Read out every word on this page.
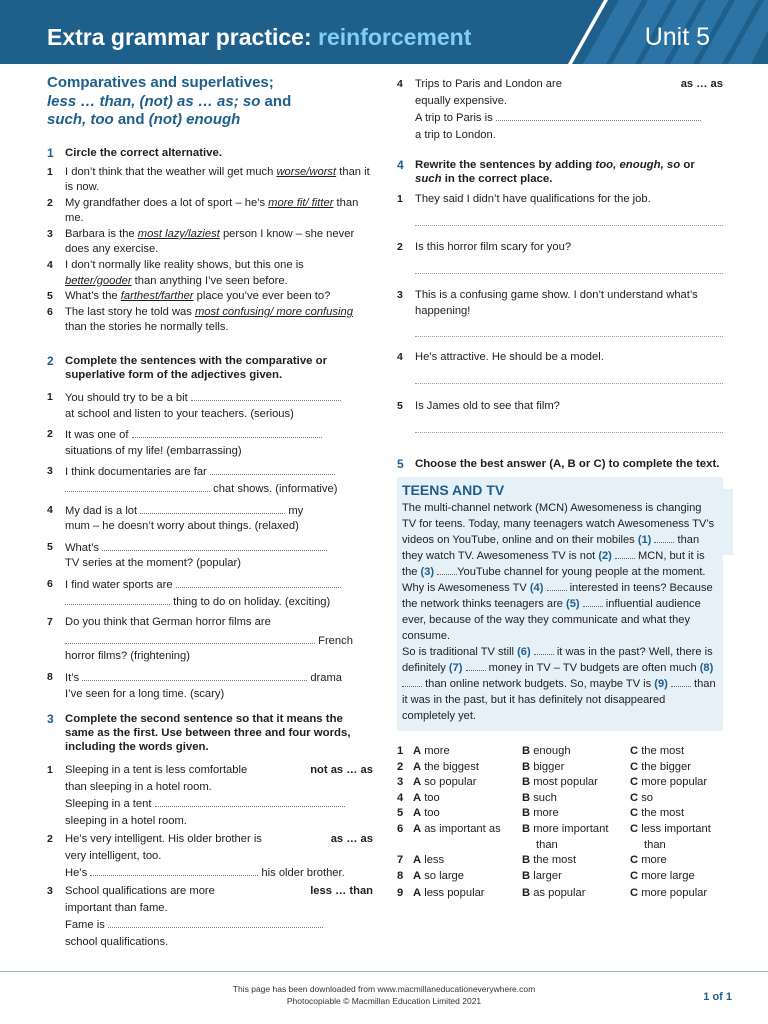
Extra grammar practice: reinforcement	Unit 5
Comparatives and superlatives;
less … than, (not) as … as; so and
such, too and (not) enough
1 Circle the correct alternative.
1 I don’t think that the weather will get much worse/worst than it is now.
2 My grandfather does a lot of sport – he’s more fit/ fitter than me.
3 Barbara is the most lazy/laziest person I know – she never does any exercise.
4 I don’t normally like reality shows, but this one is better/gooder than anything I’ve seen before.
5 What’s the farthest/farther place you’ve ever been to?
6 The last story he told was most confusing/ more confusing than the stories he normally tells.
2 Complete the sentences with the comparative or superlative form of the adjectives given.
1 You should try to be a bit
at school and listen to your teachers. (serious)
2 It was one of
situations of my life! (embarrassing)
3 I think documentaries are far
chat shows. (informative)
4 My dad is a lot	my
mum – he doesn’t worry about things. (relaxed)
5 What’s
TV series at the moment? (popular)
6 I find water sports are
thing to do on holiday. (exciting)
7 Do you think that German horror films are
French
horror films? (frightening)
8 It’s	drama
I’ve seen for a long time. (scary)
3 Complete the second sentence so that it means the same as the first. Use between three and four words, including the words given.
1	not as … as
Sleeping in a tent is less comfortable
than sleeping in a hotel room.
Sleeping in a tent
sleeping in a hotel room.
2	as … as
He’s very intelligent. His older brother is
very intelligent, too.
He’s	his older brother.
3	less … than
School qualifications are more
important than fame.
Fame is
school qualifications.
4	as … as
Trips to Paris and London are
equally expensive.
A trip to Paris is
a trip to London.
4 Rewrite the sentences by adding too, enough, so or such in the correct place.
1 They said I didn’t have qualifications for the job.
2 Is this horror film scary for you?
3 This is a confusing game show. I don’t understand what’s happening!
4 He’s attractive. He should be a model.
5 Is James old to see that film?
5 Choose the best answer (A, B or C) to complete the text.
TEENS AND TV
The multi-channel network (MCN) Awesomeness is changing TV for teens. Today, many teenagers watch Awesomeness TV’s videos on YouTube, online and on their mobiles (1)  than they watch TV. Awesomeness TV is not (2)  MCN, but it is the (3) YouTube channel for young people at the moment. Why is Awesomeness TV (4)  interested in teens? Because the network thinks teenagers are (5)  influential audience ever, because of the way they communicate and what they consume.
So is traditional TV still (6)  it was in the past? Well, there is definitely (7)  money in TV – TV budgets are often much (8)  than online network budgets. So, maybe TV is (9)  than it was in the past, but it has definitely not disappeared completely yet.
1 A more	B enough	C the most
2 A the biggest	B bigger	C the bigger
3 A so popular	B most popular	C more popular
4 A too	B such	C so
5 A too	B more	C the most
6 A as important as B more important than
C less important than
7 A less	B the most	C more
8 A so large	B larger	C more large
9 A less popular	B as popular	C more popular
This page has been downloaded from www.macmillaneducationeverywhere.com
Photocopiable © Macmillan Education Limited 2021	1 of 1
